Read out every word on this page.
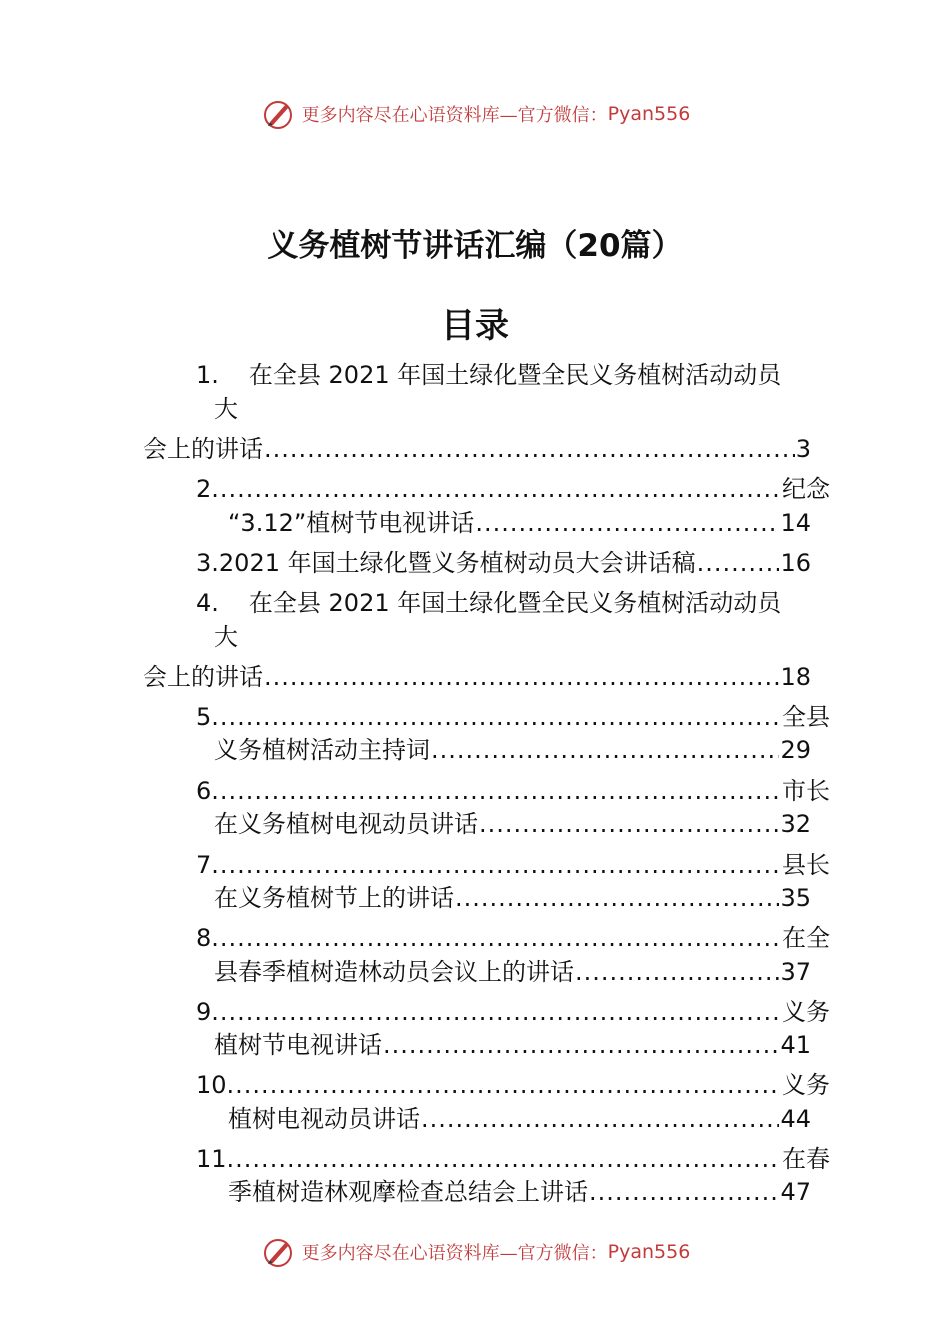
更多内容尽在心语资料库—官方微信： Pyan556
义务植树节讲话汇编（20篇）
目录
1. 在全县 2021 年国土绿化暨全民义务植树活动动员
大
会上的讲话 .....	3
2. .....	纪念
“3.12”植树节电视讲话 .....	14
3. 2021 年国土绿化暨义务植树动员大会讲话稿 .....	16
4. 在全县 2021 年国土绿化暨全民义务植树活动动员
大
会上的讲话 .....	18
5. .....	全县
义务植树活动主持词 .....	29
6. .....	市长
在义务植树电视动员讲话 .....	32
7. .....	县长
在义务植树节上的讲话 .....	35
8. .....	在全
县春季植树造林动员会议上的讲话 .....	37
9. .....	义务
植树节电视讲话 .....	41
10. .....	义务
植树电视动员讲话 .....	44
11. .....	在春
季植树造林观摩检查总结会上讲话 .....	47
更多内容尽在心语资料库—官方微信： Pyan556
